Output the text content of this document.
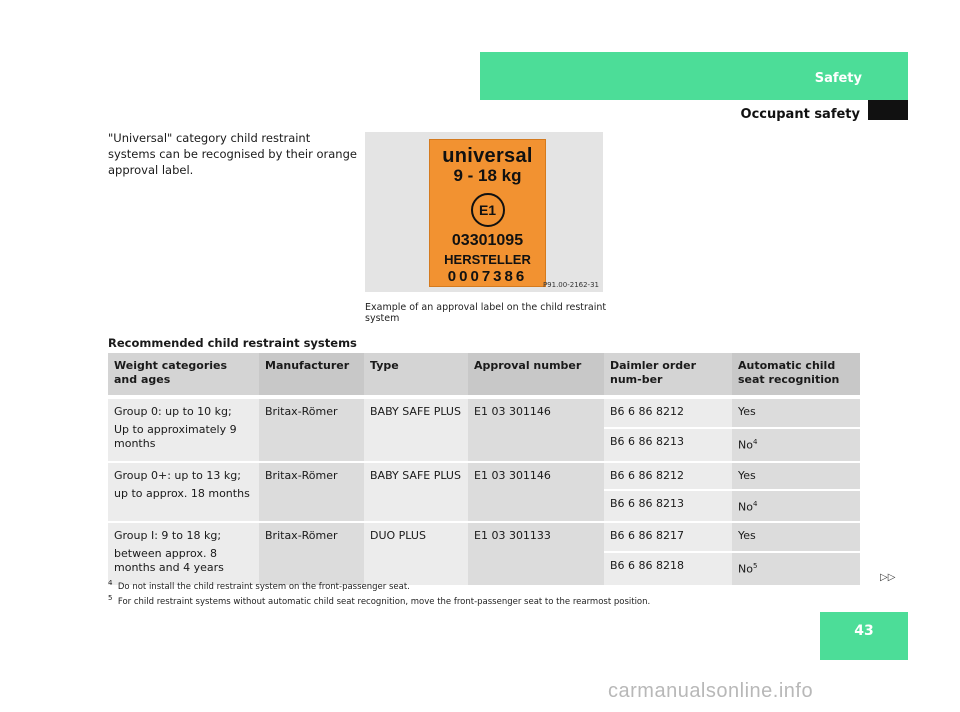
Safety
Occupant safety
"Universal" category child restraint systems can be recognised by their orange approval label.
universal
9 - 18 kg
E1
03301095
HERSTELLER
0007386	P91.00-2162-31
Example of an approval label on the child restraint system
Recommended child restraint systems
Weight categories and ages	Manufacturer	Type	Approval number	Daimler order num-ber	Automatic child seat recognition

Group 0: up to 10 kg;

Up to approximately 9 months	Britax-Römer	BABY SAFE PLUS	E1 03 301146	B6 6 86 8212	Yes
				B6 6 86 8213	No$^4$

Group 0+: up to 13 kg;

up to approx. 18 months	Britax-Römer	BABY SAFE PLUS	E1 03 301146	B6 6 86 8212	Yes
				B6 6 86 8213	No$^4$

Group I: 9 to 18 kg;

between approx. 8 months and 4 years	Britax-Römer	DUO PLUS	E1 03 301133	B6 6 86 8217	Yes
				B6 6 86 8218	No$^5$
$^4$ Do not install the child restraint system on the front-passenger seat.
$^5$ For child restraint systems without automatic child seat recognition, move the front-passenger seat to the rearmost position.
▷▷
43
carmanualsonline.info
